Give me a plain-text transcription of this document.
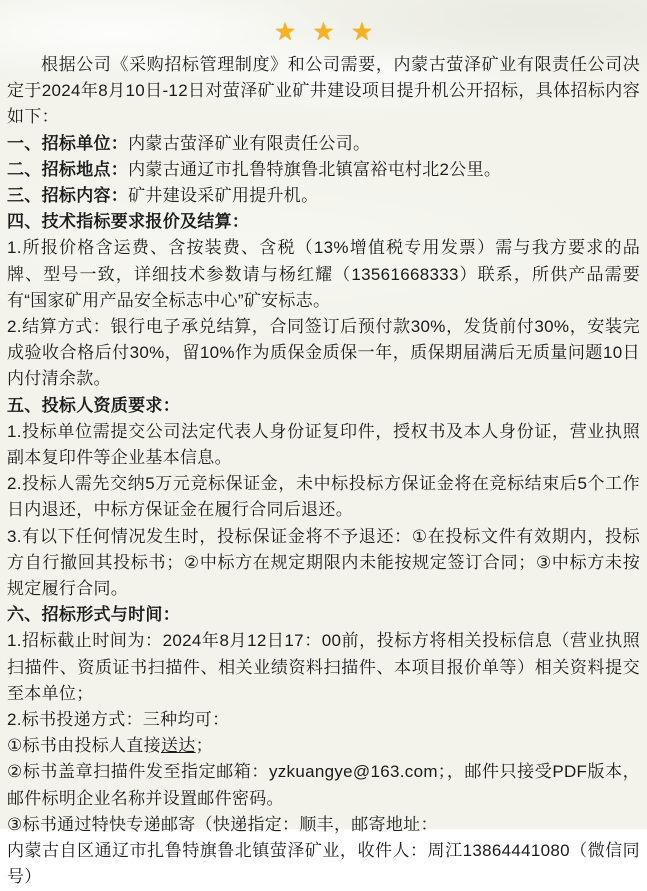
★ ★ ★

根据公司《采购招标管理制度》和公司需要，内蒙古萤泽矿业有限责任公司决定于2024年8月10日-12日对萤泽矿业矿井建设项目提升机公开招标，具体招标内容如下：

一、招标单位：内蒙古萤泽矿业有限责任公司。

二、招标地点：内蒙古通辽市扎鲁特旗鲁北镇富裕屯村北2公里。

三、招标内容：矿井建设采矿用提升机。

四、技术指标要求报价及结算：

1.所报价格含运费、含按装费、含税（13%增值税专用发票）需与我方要求的品牌、型号一致，详细技术参数请与杨红耀（13561668333）联系，所供产品需要有“国家矿用产品安全标志中心”矿安标志。

2.结算方式：银行电子承兑结算，合同签订后预付款30%，发货前付30%，安装完成验收合格后付30%，留10%作为质保金质保一年，质保期届满后无质量问题10日内付清余款。

五、投标人资质要求：

1.投标单位需提交公司法定代表人身份证复印件，授权书及本人身份证，营业执照副本复印件等企业基本信息。

2.投标人需先交纳5万元竞标保证金，未中标投标方保证金将在竞标结束后5个工作日内退还，中标方保证金在履行合同后退还。

3.有以下任何情况发生时，投标保证金将不予退还：①在投标文件有效期内，投标方自行撤回其投标书；②中标方在规定期限内未能按规定签订合同；③中标方未按规定履行合同。

六、招标形式与时间：

1.招标截止时间为：2024年8月12日17：00前，投标方将相关投标信息（营业执照扫描件、资质证书扫描件、相关业绩资料扫描件、本项目报价单等）相关资料提交至本单位；

2.标书投递方式：三种均可：

①标书由投标人直接送达；

②标书盖章扫描件发至指定邮箱：yzkuangye@163.com；，邮件只接受PDF版本，邮件标明企业名称并设置邮件密码。

③标书通过特快专递邮寄（快递指定：顺丰，邮寄地址：

内蒙古自区通辽市扎鲁特旗鲁北镇萤泽矿业，收件人：周江13864441080（微信同号）
